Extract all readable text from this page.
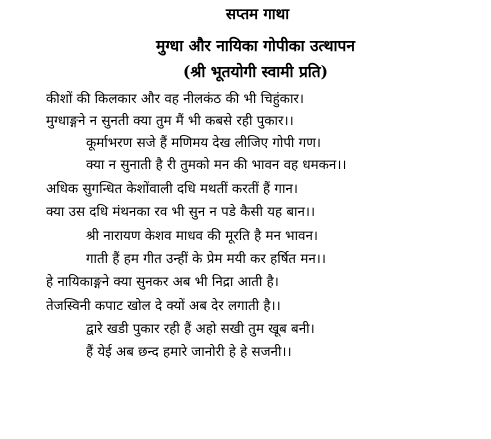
सप्तम गाथा
मुग्धा और नायिका गोपीका उत्थापन
(श्री भूतयोगी स्वामी प्रति)
कीशों की किलकार और वह नीलकंठ की भी चिहुंकार।
मुग्धाङ्गने न सुनती क्या तुम मैं भी कबसे रही पुकार।।
कूर्माभरण सजे हैं मणिमय देख लीजिए गोपी गण।
क्या न सुनाती है री तुमको मन की भावन वह धमकन।।
अधिक सुगन्धित केशोंवाली दधि मथतीं करतीं हैं गान।
क्या उस दधि मंथनका रव भी सुन न पडे कैसी यह बान।।
श्री नारायण केशव माधव की मूरति है मन भावन।
गाती हैं हम गीत उन्हीं के प्रेम मयी कर हर्षित मन।।
हे नायिकाङ्गने क्या सुनकर अब भी निद्रा आती है।
तेजस्विनी कपाट खोल दे क्यों अब देर लगाती है।।
द्वारे खडी पुकार रही हैं अहो सखी तुम खूब बनी।
हैं येई अब छन्द हमारे जानोरी हे हे सजनी।।
